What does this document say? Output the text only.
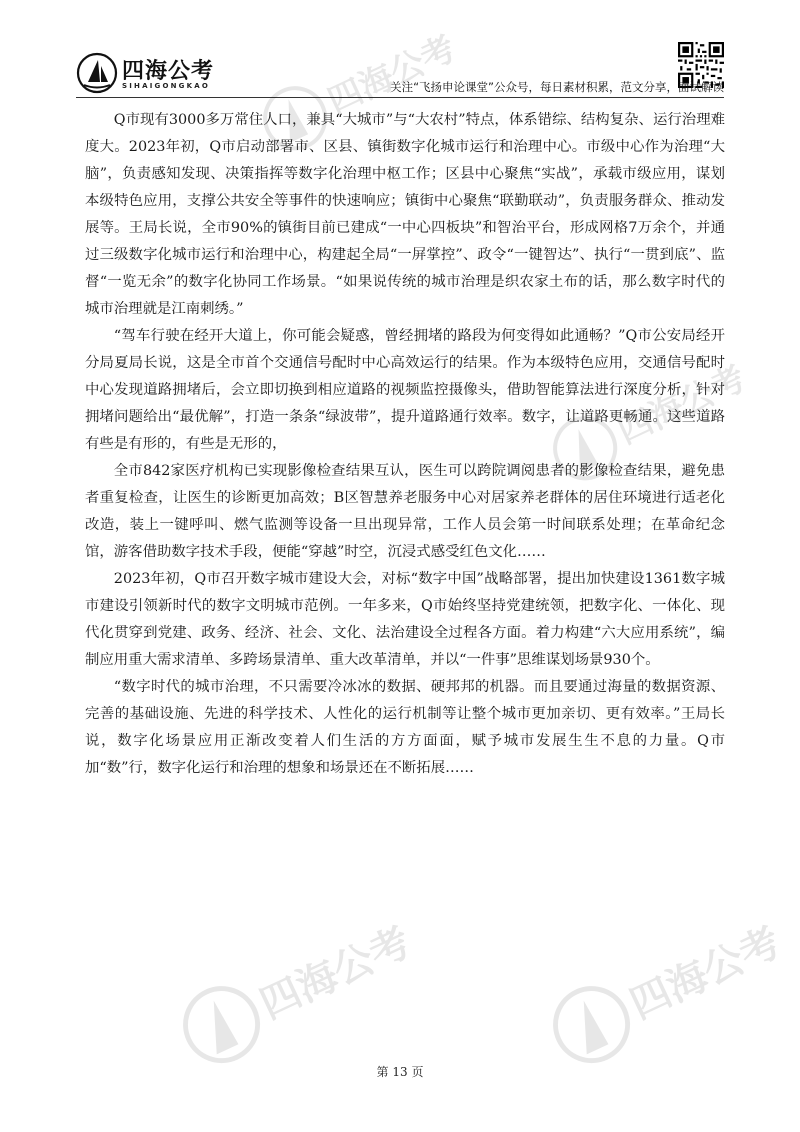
四海公考
SIHAIGONGKAO	关注“飞扬申论课堂”公众号，每日素材积累，范文分享，面试解读
四海公考
四海公考
四海公考	四海公考

Q市现有3000多万常住人口，兼具“大城市”与“大农村”特点，体系错综、结构复杂、运行治理难度大。2023年初，Q市启动部署市、区县、镇街数字化城市运行和治理中心。市级中心作为治理“大脑”，负责感知发现、决策指挥等数字化治理中枢工作；区县中心聚焦“实战”，承载市级应用，谋划本级特色应用，支撑公共安全等事件的快速响应；镇街中心聚焦“联勤联动”，负责服务群众、推动发展等。王局长说，全市90%的镇街目前已建成“一中心四板块”和智治平台，形成网格7万余个，并通过三级数字化城市运行和治理中心，构建起全局“一屏掌控”、政令“一键智达”、执行“一贯到底”、监督“一览无余”的数字化协同工作场景。“如果说传统的城市治理是织农家土布的话，那么数字时代的城市治理就是江南刺绣。”

“驾车行驶在经开大道上，你可能会疑惑，曾经拥堵的路段为何变得如此通畅？”Q市公安局经开分局夏局长说，这是全市首个交通信号配时中心高效运行的结果。作为本级特色应用，交通信号配时中心发现道路拥堵后，会立即切换到相应道路的视频监控摄像头，借助智能算法进行深度分析，针对拥堵问题给出“最优解”，打造一条条“绿波带”，提升道路通行效率。数字，让道路更畅通。这些道路有些是有形的，有些是无形的，

全市842家医疗机构已实现影像检查结果互认，医生可以跨院调阅患者的影像检查结果，避免患者重复检查，让医生的诊断更加高效；B区智慧养老服务中心对居家养老群体的居住环境进行适老化改造，装上一键呼叫、燃气监测等设备一旦出现异常，工作人员会第一时间联系处理；在革命纪念馆，游客借助数字技术手段，便能“穿越”时空，沉浸式感受红色文化……

2023年初，Q市召开数字城市建设大会，对标“数字中国”战略部署，提出加快建设1361数字城市建设引领新时代的数字文明城市范例。一年多来，Q市始终坚持党建统领，把数字化、一体化、现代化贯穿到党建、政务、经济、社会、文化、法治建设全过程各方面。着力构建“六大应用系统”，编制应用重大需求清单、多跨场景清单、重大改革清单，并以“一件事”思维谋划场景930个。

“数字时代的城市治理，不只需要冷冰冰的数据、硬邦邦的机器。而且要通过海量的数据资源、完善的基础设施、先进的科学技术、人性化的运行机制等让整个城市更加亲切、更有效率。”王局长说，数字化场景应用正渐改变着人们生活的方方面面，赋予城市发展生生不息的力量。Q市加“数”行，数字化运行和治理的想象和场景还在不断拓展……

第 13 页
